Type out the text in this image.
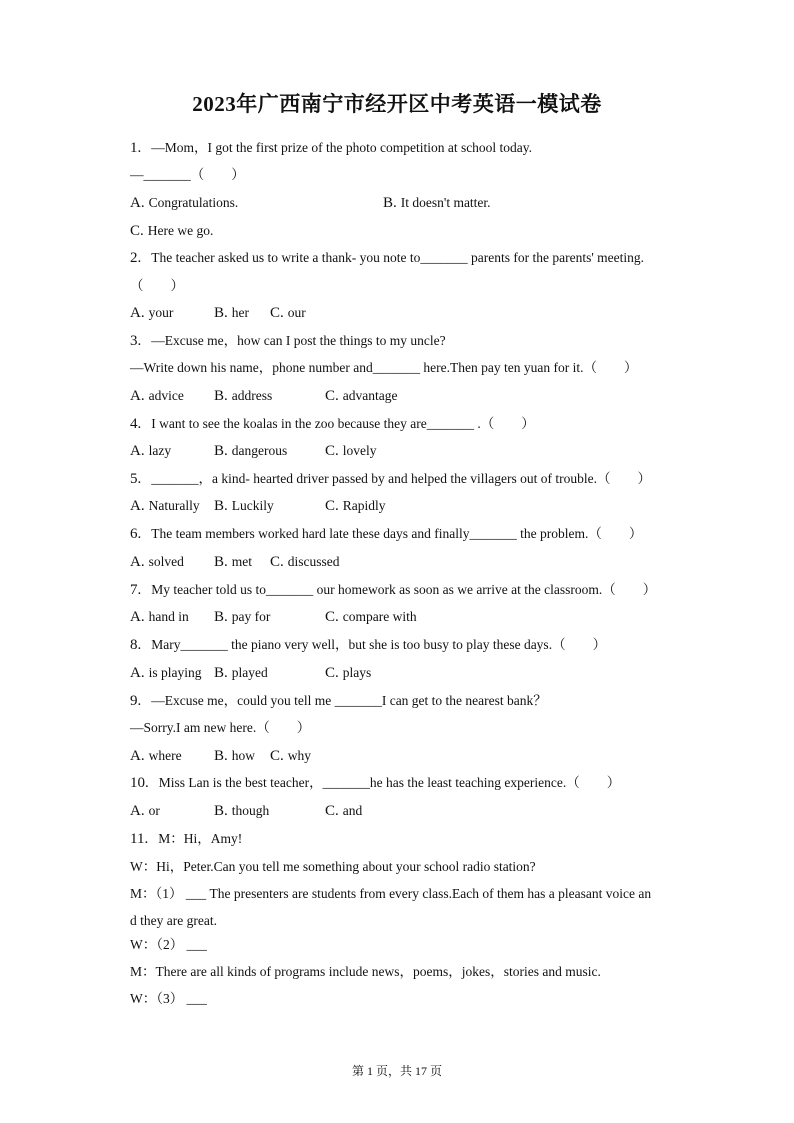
2023年广西南宁市经开区中考英语一模试卷
1. —Mom，I got the first prize of the photo competition at school today.
—_______（　　）
A. Congratulations.	B. It doesn't matter.
C. Here we go.
2. The teacher asked us to write a thank- you note to_______ parents for the parents' meeting.
（　　）
A. your	B. her C. our
3. —Excuse me，how can I post the things to my uncle?
—Write down his name，phone number and_______ here.Then pay ten yuan for it.（　　）
A. advice B. address	C. advantage
4. I want to see the koalas in the zoo because they are_______ .（　　）
A. lazy	B. dangerous	C. lovely
5. _______，a kind- hearted driver passed by and helped the villagers out of trouble.（　　）
A. Naturally B. Luckily	C. Rapidly
6. The team members worked hard late these days and finally_______ the problem.（　　）
A. solved B. met C. discussed
7. My teacher told us to_______ our homework as soon as we arrive at the classroom.（　　）
A. hand in B. pay for	C. compare with
8. Mary_______ the piano very well，but she is too busy to play these days.（　　）
A. is playing B. played	C. plays
9. —Excuse me，could you tell me _______I can get to the nearest bank？
—Sorry.I am new here.（　　）
A. where B. how C. why
10. Miss Lan is the best teacher，_______he has the least teaching experience.（　　）
A. or	B. though	C. and
11. M：Hi，Amy!
W：Hi，Peter.Can you tell me something about your school radio station?
M：（1） ___ The presenters are students from every class.Each of them has a pleasant voice an
d they are great.
W：（2） ___
M：There are all kinds of programs include news，poems，jokes，stories and music.
W：（3） ___
第 1 页，共 17 页
